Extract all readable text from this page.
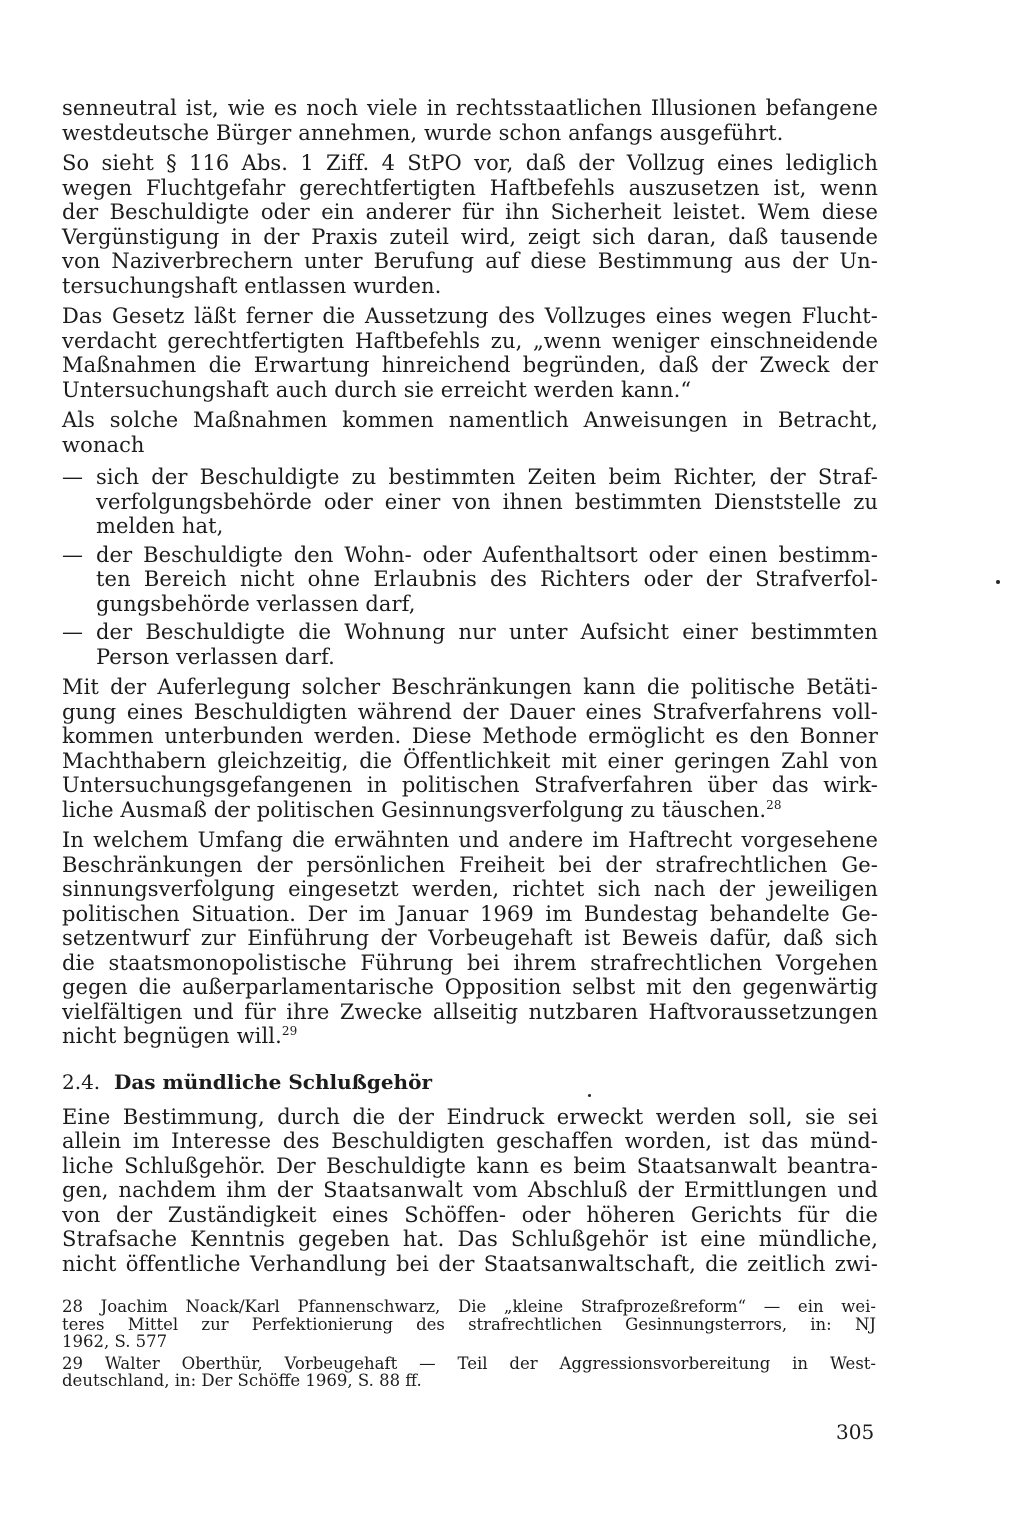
senneutral ist, wie es noch viele in rechtsstaatlichen Illusionen befangene
westdeutsche Bürger annehmen, wurde schon anfangs ausgeführt.
So sieht § 116 Abs. 1 Ziff. 4 StPO vor, daß der Vollzug eines lediglich
wegen Fluchtgefahr gerechtfertigten Haftbefehls auszusetzen ist, wenn
der Beschuldigte oder ein anderer für ihn Sicherheit leistet. Wem diese
Vergünstigung in der Praxis zuteil wird, zeigt sich daran, daß tausende
von Naziverbrechern unter Berufung auf diese Bestimmung aus der Un-
tersuchungshaft entlassen wurden.
Das Gesetz läßt ferner die Aussetzung des Vollzuges eines wegen Flucht-
verdacht gerechtfertigten Haftbefehls zu, „wenn weniger einschneidende
Maßnahmen die Erwartung hinreichend begründen, daß der Zweck der
Untersuchungshaft auch durch sie erreicht werden kann.“
Als solche Maßnahmen kommen namentlich Anweisungen in Betracht,
wonach
— sich der Beschuldigte zu bestimmten Zeiten beim Richter, der Straf-
verfolgungsbehörde oder einer von ihnen bestimmten Dienststelle zu
melden hat,
— der Beschuldigte den Wohn- oder Aufenthaltsort oder einen bestimm-
ten Bereich nicht ohne Erlaubnis des Richters oder der Strafverfol-
gungsbehörde verlassen darf,
— der Beschuldigte die Wohnung nur unter Aufsicht einer bestimmten
Person verlassen darf.
Mit der Auferlegung solcher Beschränkungen kann die politische Betäti-
gung eines Beschuldigten während der Dauer eines Strafverfahrens voll-
kommen unterbunden werden. Diese Methode ermöglicht es den Bonner
Machthabern gleichzeitig, die Öffentlichkeit mit einer geringen Zahl von
Untersuchungsgefangenen in politischen Strafverfahren über das wirk-
liche Ausmaß der politischen Gesinnungsverfolgung zu täuschen.$^{28}$
In welchem Umfang die erwähnten und andere im Haftrecht vorgesehene
Beschränkungen der persönlichen Freiheit bei der strafrechtlichen Ge-
sinnungsverfolgung eingesetzt werden, richtet sich nach der jeweiligen
politischen Situation. Der im Januar 1969 im Bundestag behandelte Ge-
setzentwurf zur Einführung der Vorbeugehaft ist Beweis dafür, daß sich
die staatsmonopolistische Führung bei ihrem strafrechtlichen Vorgehen
gegen die außerparlamentarische Opposition selbst mit den gegenwärtig
vielfältigen und für ihre Zwecke allseitig nutzbaren Haftvoraussetzungen
nicht begnügen will.$^{29}$
2.4. Das mündliche Schlußgehör
Eine Bestimmung, durch die der Eindruck erweckt werden soll, sie sei
allein im Interesse des Beschuldigten geschaffen worden, ist das münd-
liche Schlußgehör. Der Beschuldigte kann es beim Staatsanwalt beantra-
gen, nachdem ihm der Staatsanwalt vom Abschluß der Ermittlungen und
von der Zuständigkeit eines Schöffen- oder höheren Gerichts für die
Strafsache Kenntnis gegeben hat. Das Schlußgehör ist eine mündliche,
nicht öffentliche Verhandlung bei der Staatsanwaltschaft, die zeitlich zwi-
28 Joachim Noack/Karl Pfannenschwarz, Die „kleine Strafprozeßreform“ — ein wei-
teres Mittel zur Perfektionierung des strafrechtlichen Gesinnungsterrors, in: NJ
1962, S. 577
29 Walter Oberthür, Vorbeugehaft — Teil der Aggressionsvorbereitung in West-
deutschland, in: Der Schöffe 1969, S. 88 ff.
305
